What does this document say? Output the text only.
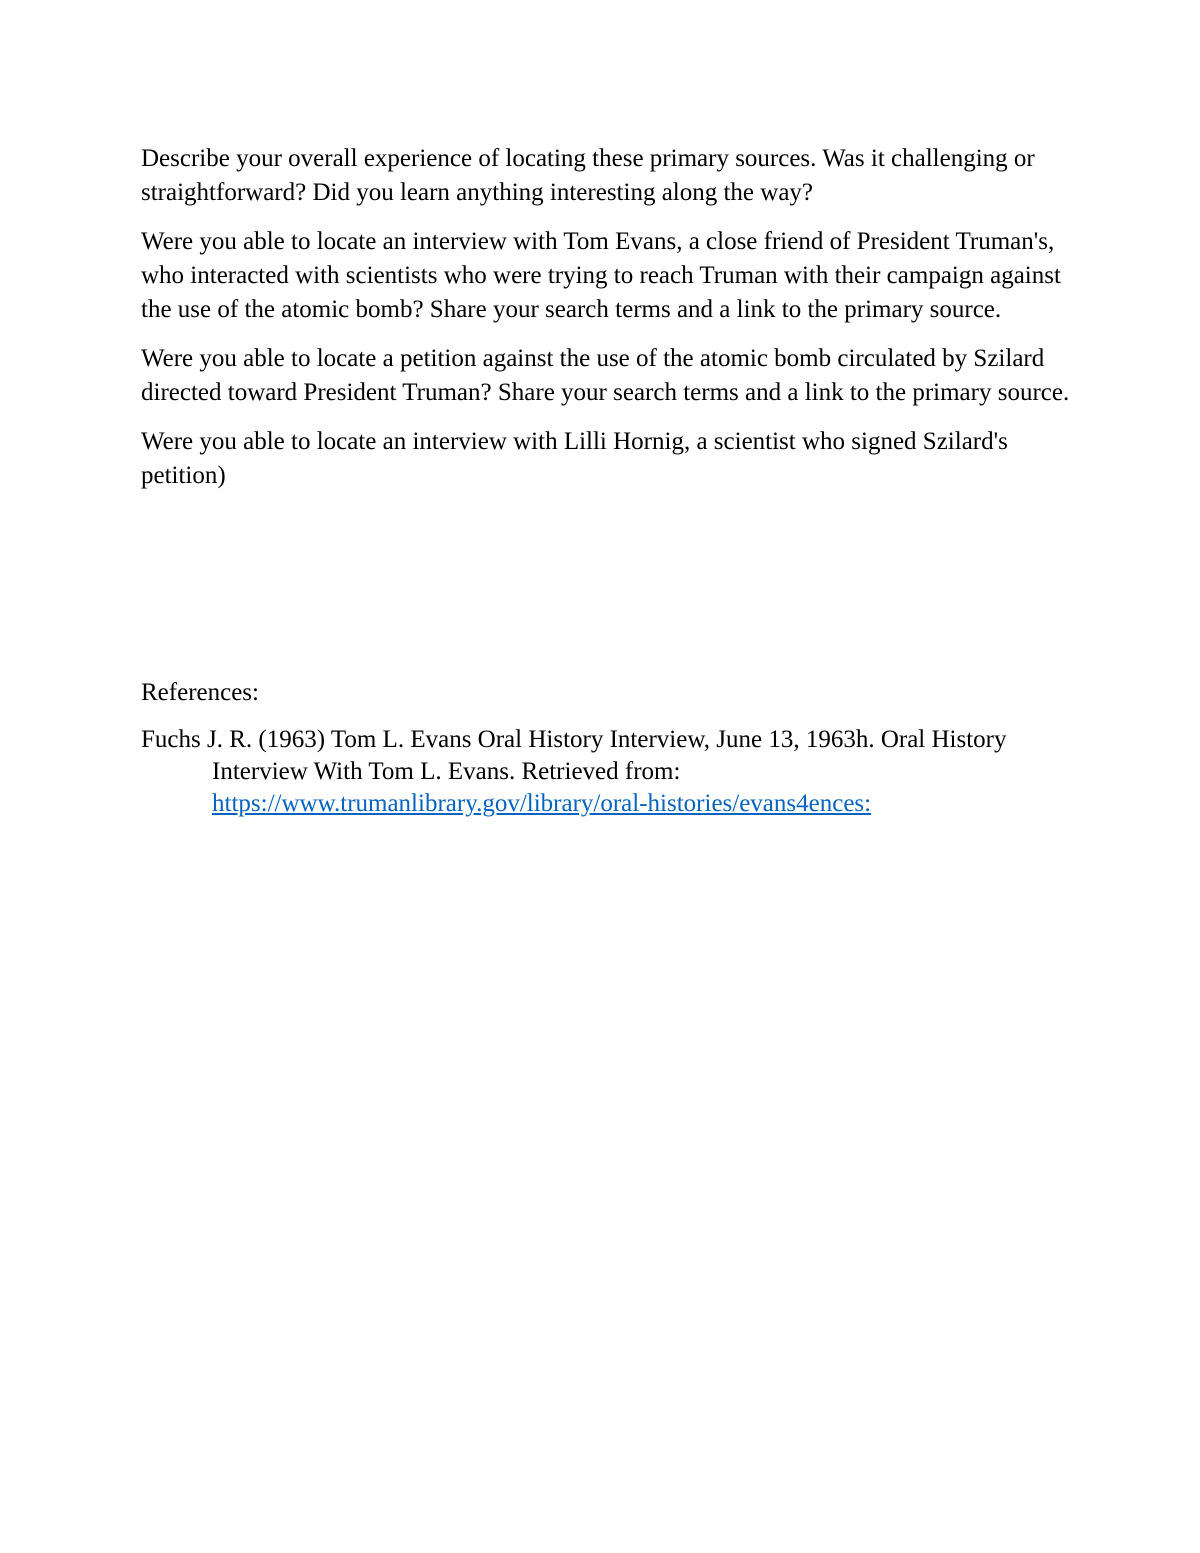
Describe your overall experience of locating these primary sources. Was it challenging or straightforward? Did you learn anything interesting along the way?

Were you able to locate an interview with Tom Evans, a close friend of President Truman's, who interacted with scientists who were trying to reach Truman with their campaign against the use of the atomic bomb? Share your search terms and a link to the primary source.

Were you able to locate a petition against the use of the atomic bomb circulated by Szilard directed toward President Truman? Share your search terms and a link to the primary source.

Were you able to locate an interview with Lilli Hornig, a scientist who signed Szilard's petition)

References:

Fuchs J. R. (1963) Tom L. Evans Oral History Interview, June 13, 1963h. Oral History Interview With Tom L. Evans. Retrieved from: https://www.trumanlibrary.gov/library/oral-histories/evans4ences:
